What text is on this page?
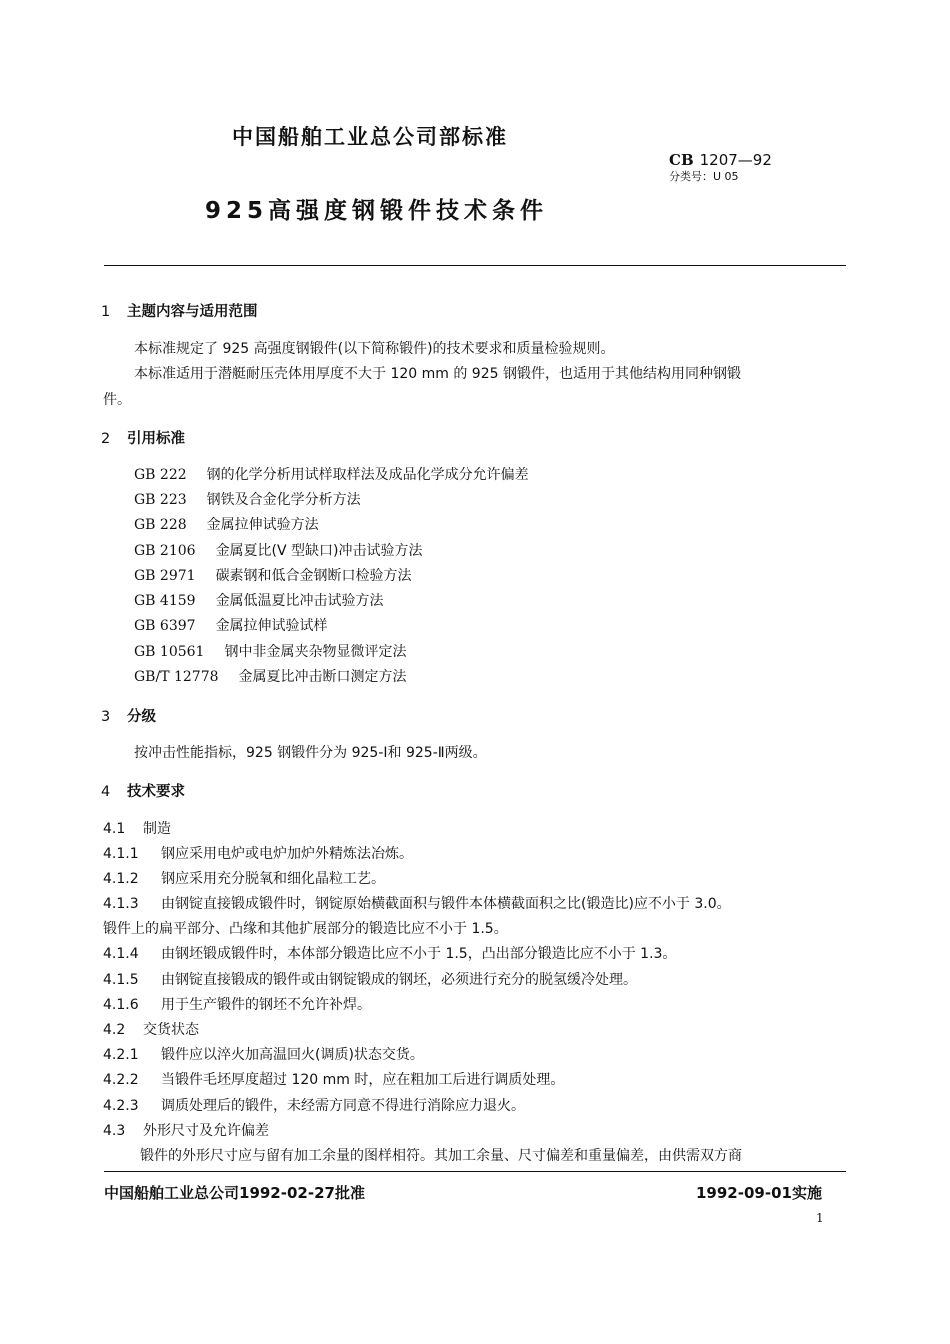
中国船舶工业总公司部标准
CB 1207—92
分类号：U 05
925高强度钢锻件技术条件
1 主题内容与适用范围
本标准规定了 925 高强度钢锻件(以下简称锻件)的技术要求和质量检验规则。
本标准适用于潜艇耐压壳体用厚度不大于 120 mm 的 925 钢锻件，也适用于其他结构用同种钢锻
件。
2 引用标准
GB 222 钢的化学分析用试样取样法及成品化学成分允许偏差
GB 223 钢铁及合金化学分析方法
GB 228 金属拉伸试验方法
GB 2106 金属夏比(V 型缺口)冲击试验方法
GB 2971 碳素钢和低合金钢断口检验方法
GB 4159 金属低温夏比冲击试验方法
GB 6397 金属拉伸试验试样
GB 10561 钢中非金属夹杂物显微评定法
GB/T 12778 金属夏比冲击断口测定方法
3 分级
按冲击性能指标，925 钢锻件分为 925-Ⅰ和 925-Ⅱ两级。
4 技术要求
4.1 制造
4.1.1 钢应采用电炉或电炉加炉外精炼法冶炼。
4.1.2 钢应采用充分脱氧和细化晶粒工艺。
4.1.3 由钢锭直接锻成锻件时，钢锭原始横截面积与锻件本体横截面积之比(锻造比)应不小于 3.0。
锻件上的扁平部分、凸缘和其他扩展部分的锻造比应不小于 1.5。
4.1.4 由钢坯锻成锻件时，本体部分锻造比应不小于 1.5，凸出部分锻造比应不小于 1.3。
4.1.5 由钢锭直接锻成的锻件或由钢锭锻成的钢坯，必须进行充分的脱氢缓冷处理。
4.1.6 用于生产锻件的钢坯不允许补焊。
4.2 交货状态
4.2.1 锻件应以淬火加高温回火(调质)状态交货。
4.2.2 当锻件毛坯厚度超过 120 mm 时，应在粗加工后进行调质处理。
4.2.3 调质处理后的锻件，未经需方同意不得进行消除应力退火。
4.3 外形尺寸及允许偏差
锻件的外形尺寸应与留有加工余量的图样相符。其加工余量、尺寸偏差和重量偏差，由供需双方商
中国船舶工业总公司1992-02-27批准	1992-09-01实施
1
